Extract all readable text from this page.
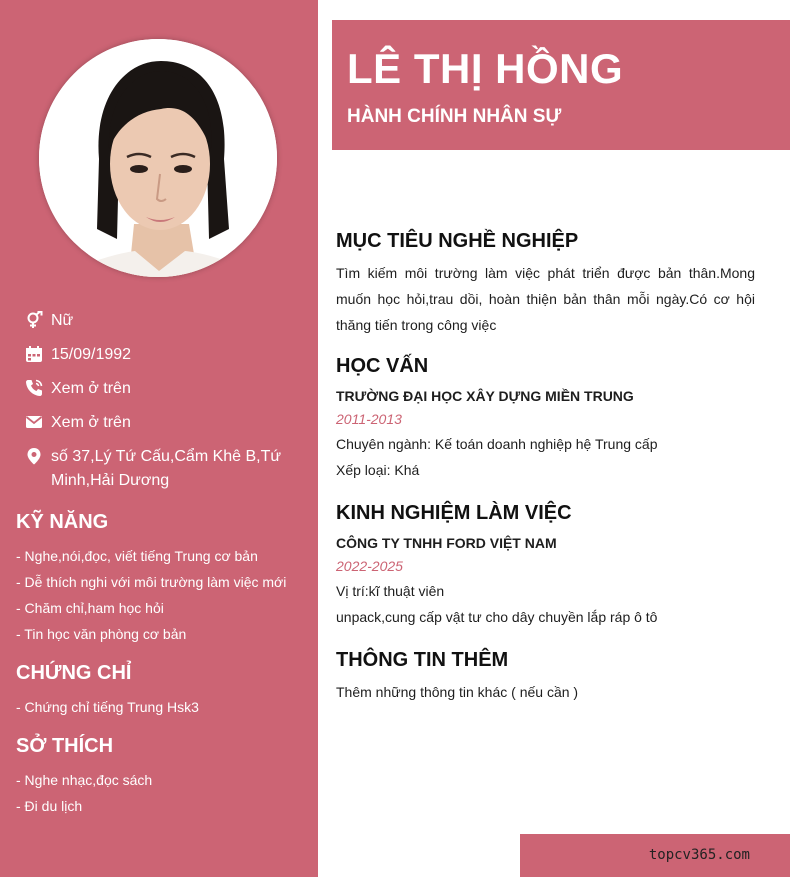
Nữ
15/09/1992
Xem ở trên
Xem ở trên
số 37,Lý Tứ Cấu,Cẩm Khê B,Tứ Minh,Hải Dương
KỸ NĂNG
- Nghe,nói,đọc, viết tiếng Trung cơ bản
- Dễ thích nghi với môi trường làm việc mới
- Chăm chỉ,ham học hỏi
- Tin học văn phòng cơ bản
CHỨNG CHỈ
- Chứng chỉ tiếng Trung Hsk3
SỞ THÍCH
- Nghe nhạc,đọc sách
- Đi du lịch
LÊ THỊ HỒNG
HÀNH CHÍNH NHÂN SỰ
MỤC TIÊU NGHỀ NGHIỆP
Tìm kiếm môi trường làm việc phát triển được bản thân.Mong muốn học hỏi,trau dồi, hoàn thiện bản thân mỗi ngày.Có cơ hội thăng tiến trong công việc
HỌC VẤN
TRƯỜNG ĐẠI HỌC XÂY DỰNG MIỀN TRUNG
2011-2013
Chuyên ngành: Kế toán doanh nghiệp hệ Trung cấp
Xếp loại: Khá
KINH NGHIỆM LÀM VIỆC
CÔNG TY TNHH FORD VIỆT NAM
2022-2025
Vị trí:kĩ thuật viên
unpack,cung cấp vật tư cho dây chuyền lắp ráp ô tô
THÔNG TIN THÊM
Thêm những thông tin khác ( nếu cần )
topcv365.com
